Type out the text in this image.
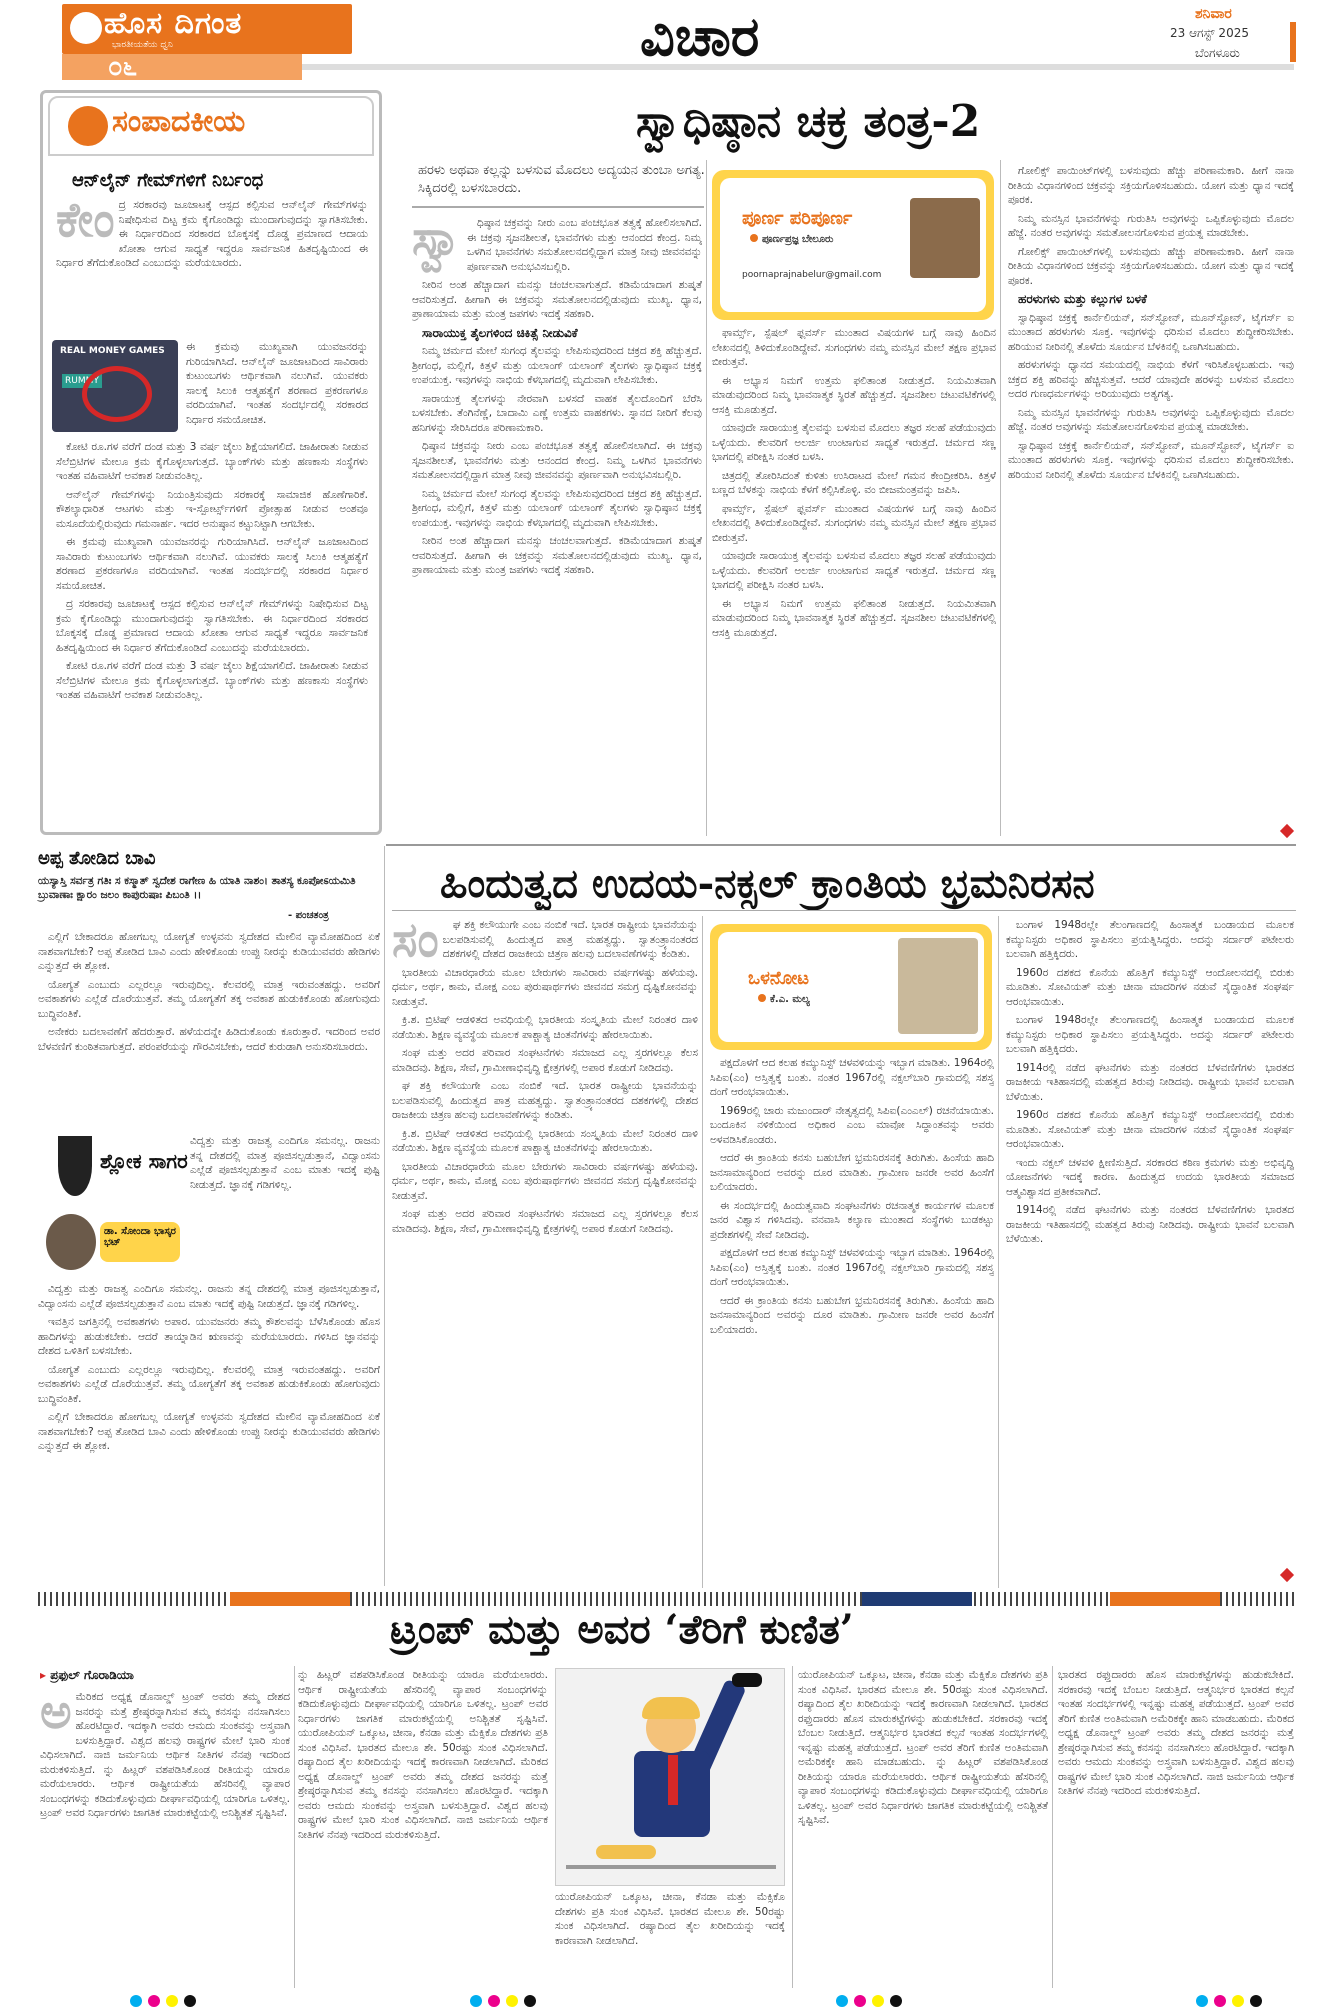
ಹೊಸ ದಿಗಂತ
ಭಾರತೀಯತೆಯ ಧ್ವನಿ
೦೬	ವಿಚಾರ	ಶನಿವಾರ
23 ಆಗಸ್ಟ್ 2025
ಬೆಂಗಳೂರು
ಸಂಪಾದಕೀಯ
ಆನ್‌ಲೈನ್ ಗೇಮ್‌ಗಳಿಗೆ ನಿರ್ಬಂಧ
ಕೇಂ ದ್ರ ಸರಕಾರವು ಜೂಜಾಟಕ್ಕೆ ಆಸ್ಪದ ಕಲ್ಪಿಸುವ ಆನ್‌ಲೈನ್ ಗೇಮ್‌ಗಳನ್ನು ನಿಷೇಧಿಸುವ ದಿಟ್ಟ ಕ್ರಮ ಕೈಗೊಂಡಿದ್ದು ಮುಂದಾಗುವುದನ್ನು ಸ್ವಾಗತಿಸಬೇಕು. ಈ ನಿರ್ಧಾರದಿಂದ ಸರಕಾರದ ಬೊಕ್ಕಸಕ್ಕೆ ದೊಡ್ಡ ಪ್ರಮಾಣದ ಆದಾಯ ಖೋತಾ ಆಗುವ ಸಾಧ್ಯತೆ ಇದ್ದರೂ ಸಾರ್ವಜನಿಕ ಹಿತದೃಷ್ಟಿಯಿಂದ ಈ ನಿರ್ಧಾರ ತೆಗೆದುಕೊಂಡಿದೆ ಎಂಬುದನ್ನು ಮರೆಯಬಾರದು.
REAL MONEY GAMES
RUMMY
ಈ ಕ್ರಮವು ಮುಖ್ಯವಾಗಿ ಯುವಜನರನ್ನು ಗುರಿಯಾಗಿಸಿದೆ. ಆನ್‌ಲೈನ್ ಜೂಜಾಟದಿಂದ ಸಾವಿರಾರು ಕುಟುಂಬಗಳು ಆರ್ಥಿಕವಾಗಿ ನಲುಗಿವೆ. ಯುವಕರು ಸಾಲಕ್ಕೆ ಸಿಲುಕಿ ಆತ್ಮಹತ್ಯೆಗೆ ಶರಣಾದ ಪ್ರಕರಣಗಳೂ ವರದಿಯಾಗಿವೆ. ಇಂತಹ ಸಂದರ್ಭದಲ್ಲಿ ಸರಕಾರದ ನಿರ್ಧಾರ ಸಮಯೋಚಿತ.

ಕೋಟಿ ರೂ.ಗಳ ವರೆಗೆ ದಂಡ ಮತ್ತು 3 ವರ್ಷ ಜೈಲು ಶಿಕ್ಷೆಯಾಗಲಿದೆ. ಜಾಹೀರಾತು ನೀಡುವ ಸೆಲೆಬ್ರಿಟಿಗಳ ಮೇಲೂ ಕ್ರಮ ಕೈಗೊಳ್ಳಲಾಗುತ್ತದೆ. ಬ್ಯಾಂಕ್‌ಗಳು ಮತ್ತು ಹಣಕಾಸು ಸಂಸ್ಥೆಗಳು ಇಂತಹ ವಹಿವಾಟಿಗೆ ಅವಕಾಶ ನೀಡುವಂತಿಲ್ಲ.

ಆನ್‌ಲೈನ್ ಗೇಮ್‌ಗಳನ್ನು ನಿಯಂತ್ರಿಸುವುದು ಸರಕಾರಕ್ಕೆ ಸಾಮಾಜಿಕ ಹೊಣೆಗಾರಿಕೆ. ಕೌಶಲ್ಯಾಧಾರಿತ ಆಟಗಳು ಮತ್ತು ಇ-ಸ್ಪೋರ್ಟ್ಸ್‌ಗಳಿಗೆ ಪ್ರೋತ್ಸಾಹ ನೀಡುವ ಅಂಶವೂ ಮಸೂದೆಯಲ್ಲಿರುವುದು ಗಮನಾರ್ಹ. ಇದರ ಅನುಷ್ಠಾನ ಕಟ್ಟುನಿಟ್ಟಾಗಿ ಆಗಬೇಕು.

ಈ ಕ್ರಮವು ಮುಖ್ಯವಾಗಿ ಯುವಜನರನ್ನು ಗುರಿಯಾಗಿಸಿದೆ. ಆನ್‌ಲೈನ್ ಜೂಜಾಟದಿಂದ ಸಾವಿರಾರು ಕುಟುಂಬಗಳು ಆರ್ಥಿಕವಾಗಿ ನಲುಗಿವೆ. ಯುವಕರು ಸಾಲಕ್ಕೆ ಸಿಲುಕಿ ಆತ್ಮಹತ್ಯೆಗೆ ಶರಣಾದ ಪ್ರಕರಣಗಳೂ ವರದಿಯಾಗಿವೆ. ಇಂತಹ ಸಂದರ್ಭದಲ್ಲಿ ಸರಕಾರದ ನಿರ್ಧಾರ ಸಮಯೋಚಿತ.

ದ್ರ ಸರಕಾರವು ಜೂಜಾಟಕ್ಕೆ ಆಸ್ಪದ ಕಲ್ಪಿಸುವ ಆನ್‌ಲೈನ್ ಗೇಮ್‌ಗಳನ್ನು ನಿಷೇಧಿಸುವ ದಿಟ್ಟ ಕ್ರಮ ಕೈಗೊಂಡಿದ್ದು ಮುಂದಾಗುವುದನ್ನು ಸ್ವಾಗತಿಸಬೇಕು. ಈ ನಿರ್ಧಾರದಿಂದ ಸರಕಾರದ ಬೊಕ್ಕಸಕ್ಕೆ ದೊಡ್ಡ ಪ್ರಮಾಣದ ಆದಾಯ ಖೋತಾ ಆಗುವ ಸಾಧ್ಯತೆ ಇದ್ದರೂ ಸಾರ್ವಜನಿಕ ಹಿತದೃಷ್ಟಿಯಿಂದ ಈ ನಿರ್ಧಾರ ತೆಗೆದುಕೊಂಡಿದೆ ಎಂಬುದನ್ನು ಮರೆಯಬಾರದು.

ಕೋಟಿ ರೂ.ಗಳ ವರೆಗೆ ದಂಡ ಮತ್ತು 3 ವರ್ಷ ಜೈಲು ಶಿಕ್ಷೆಯಾಗಲಿದೆ. ಜಾಹೀರಾತು ನೀಡುವ ಸೆಲೆಬ್ರಿಟಿಗಳ ಮೇಲೂ ಕ್ರಮ ಕೈಗೊಳ್ಳಲಾಗುತ್ತದೆ. ಬ್ಯಾಂಕ್‌ಗಳು ಮತ್ತು ಹಣಕಾಸು ಸಂಸ್ಥೆಗಳು ಇಂತಹ ವಹಿವಾಟಿಗೆ ಅವಕಾಶ ನೀಡುವಂತಿಲ್ಲ.

ಸ್ವಾಧಿಷ್ಠಾನ ಚಕ್ರ ತಂತ್ರ-2
ಹರಳು ಅಥವಾ ಕಲ್ಲನ್ನು ಬಳಸುವ ಮೊದಲು ಅದ್ಯಯನ ತುಂಬಾ ಅಗತ್ಯ. ಸಿಕ್ಕಿದರಲ್ಲಿ ಬಳಸಬಾರದು.
ಸ್ವಾ	ಧಿಷ್ಠಾನ ಚಕ್ರವನ್ನು ನೀರು ಎಂಬ ಪಂಚಭೂತ ತತ್ವಕ್ಕೆ ಹೋಲಿಸಲಾಗಿದೆ. ಈ ಚಕ್ರವು ಸೃಜನಶೀಲತೆ, ಭಾವನೆಗಳು ಮತ್ತು ಆನಂದದ ಕೇಂದ್ರ. ನಿಮ್ಮ ಒಳಗಿನ ಭಾವನೆಗಳು ಸಮತೋಲನದಲ್ಲಿದ್ದಾಗ ಮಾತ್ರ ನೀವು ಜೀವನವನ್ನು ಪೂರ್ಣವಾಗಿ ಅನುಭವಿಸಬಲ್ಲಿರಿ.

ನೀರಿನ ಅಂಶ ಹೆಚ್ಚಾದಾಗ ಮನಸ್ಸು ಚಂಚಲವಾಗುತ್ತದೆ. ಕಡಿಮೆಯಾದಾಗ ಶುಷ್ಕತೆ ಆವರಿಸುತ್ತದೆ. ಹೀಗಾಗಿ ಈ ಚಕ್ರವನ್ನು ಸಮತೋಲನದಲ್ಲಿಡುವುದು ಮುಖ್ಯ. ಧ್ಯಾನ, ಪ್ರಾಣಾಯಾಮ ಮತ್ತು ಮಂತ್ರ ಜಪಗಳು ಇದಕ್ಕೆ ಸಹಕಾರಿ.

ಸಾರಾಯುಕ್ತ ತೈಲಗಳಿಂದ ಚಿಕಿತ್ಸೆ ನೀಡುವಿಕೆ

ನಿಮ್ಮ ಚರ್ಮದ ಮೇಲೆ ಸುಗಂಧ ತೈಲವನ್ನು ಲೇಪಿಸುವುದರಿಂದ ಚಕ್ರದ ಶಕ್ತಿ ಹೆಚ್ಚುತ್ತದೆ. ಶ್ರೀಗಂಧ, ಮಲ್ಲಿಗೆ, ಕಿತ್ತಳೆ ಮತ್ತು ಯಲಾಂಗ್ ಯಲಾಂಗ್ ತೈಲಗಳು ಸ್ವಾಧಿಷ್ಠಾನ ಚಕ್ರಕ್ಕೆ ಉಪಯುಕ್ತ. ಇವುಗಳನ್ನು ನಾಭಿಯ ಕೆಳಭಾಗದಲ್ಲಿ ಮೃದುವಾಗಿ ಲೇಪಿಸಬೇಕು.

ಸಾರಾಯುಕ್ತ ತೈಲಗಳನ್ನು ನೇರವಾಗಿ ಬಳಸದೆ ವಾಹಕ ತೈಲದೊಂದಿಗೆ ಬೆರೆಸಿ ಬಳಸಬೇಕು. ತೆಂಗಿನೆಣ್ಣೆ, ಬಾದಾಮಿ ಎಣ್ಣೆ ಉತ್ತಮ ವಾಹಕಗಳು. ಸ್ನಾನದ ನೀರಿಗೆ ಕೆಲವು ಹನಿಗಳನ್ನು ಸೇರಿಸಿದರೂ ಪರಿಣಾಮಕಾರಿ.

ಧಿಷ್ಠಾನ ಚಕ್ರವನ್ನು ನೀರು ಎಂಬ ಪಂಚಭೂತ ತತ್ವಕ್ಕೆ ಹೋಲಿಸಲಾಗಿದೆ. ಈ ಚಕ್ರವು ಸೃಜನಶೀಲತೆ, ಭಾವನೆಗಳು ಮತ್ತು ಆನಂದದ ಕೇಂದ್ರ. ನಿಮ್ಮ ಒಳಗಿನ ಭಾವನೆಗಳು ಸಮತೋಲನದಲ್ಲಿದ್ದಾಗ ಮಾತ್ರ ನೀವು ಜೀವನವನ್ನು ಪೂರ್ಣವಾಗಿ ಅನುಭವಿಸಬಲ್ಲಿರಿ.

ನಿಮ್ಮ ಚರ್ಮದ ಮೇಲೆ ಸುಗಂಧ ತೈಲವನ್ನು ಲೇಪಿಸುವುದರಿಂದ ಚಕ್ರದ ಶಕ್ತಿ ಹೆಚ್ಚುತ್ತದೆ. ಶ್ರೀಗಂಧ, ಮಲ್ಲಿಗೆ, ಕಿತ್ತಳೆ ಮತ್ತು ಯಲಾಂಗ್ ಯಲಾಂಗ್ ತೈಲಗಳು ಸ್ವಾಧಿಷ್ಠಾನ ಚಕ್ರಕ್ಕೆ ಉಪಯುಕ್ತ. ಇವುಗಳನ್ನು ನಾಭಿಯ ಕೆಳಭಾಗದಲ್ಲಿ ಮೃದುವಾಗಿ ಲೇಪಿಸಬೇಕು.

ನೀರಿನ ಅಂಶ ಹೆಚ್ಚಾದಾಗ ಮನಸ್ಸು ಚಂಚಲವಾಗುತ್ತದೆ. ಕಡಿಮೆಯಾದಾಗ ಶುಷ್ಕತೆ ಆವರಿಸುತ್ತದೆ. ಹೀಗಾಗಿ ಈ ಚಕ್ರವನ್ನು ಸಮತೋಲನದಲ್ಲಿಡುವುದು ಮುಖ್ಯ. ಧ್ಯಾನ, ಪ್ರಾಣಾಯಾಮ ಮತ್ತು ಮಂತ್ರ ಜಪಗಳು ಇದಕ್ಕೆ ಸಹಕಾರಿ.

ಪೂರ್ಣ ಪರಿಪೂರ್ಣ
ಪೂರ್ಣಪ್ರಜ್ಞ ಬೇಲೂರು
poornaprajnabelur@gmail.com

ಫಾರ್ಮ್ಸ್, ಸ್ಪೆಷಲ್ ಫ್ಲವರ್ಸ್ ಮುಂತಾದ ವಿಷಯಗಳ ಬಗ್ಗೆ ನಾವು ಹಿಂದಿನ ಲೇಖನದಲ್ಲಿ ತಿಳಿದುಕೊಂಡಿದ್ದೇವೆ. ಸುಗಂಧಗಳು ನಮ್ಮ ಮನಸ್ಸಿನ ಮೇಲೆ ತಕ್ಷಣ ಪ್ರಭಾವ ಬೀರುತ್ತವೆ.

ಈ ಅಭ್ಯಾಸ ನಿಮಗೆ ಉತ್ತಮ ಫಲಿತಾಂಶ ನೀಡುತ್ತದೆ. ನಿಯಮಿತವಾಗಿ ಮಾಡುವುದರಿಂದ ನಿಮ್ಮ ಭಾವನಾತ್ಮಕ ಸ್ಥಿರತೆ ಹೆಚ್ಚುತ್ತದೆ. ಸೃಜನಶೀಲ ಚಟುವಟಿಕೆಗಳಲ್ಲಿ ಆಸಕ್ತಿ ಮೂಡುತ್ತದೆ.

ಯಾವುದೇ ಸಾರಾಯುಕ್ತ ತೈಲವನ್ನು ಬಳಸುವ ಮೊದಲು ತಜ್ಞರ ಸಲಹೆ ಪಡೆಯುವುದು ಒಳ್ಳೆಯದು. ಕೆಲವರಿಗೆ ಅಲರ್ಜಿ ಉಂಟಾಗುವ ಸಾಧ್ಯತೆ ಇರುತ್ತದೆ. ಚರ್ಮದ ಸಣ್ಣ ಭಾಗದಲ್ಲಿ ಪರೀಕ್ಷಿಸಿ ನಂತರ ಬಳಸಿ.

ಚಿತ್ರದಲ್ಲಿ ತೋರಿಸಿದಂತೆ ಕುಳಿತು ಉಸಿರಾಟದ ಮೇಲೆ ಗಮನ ಕೇಂದ್ರೀಕರಿಸಿ. ಕಿತ್ತಳೆ ಬಣ್ಣದ ಬೆಳಕನ್ನು ನಾಭಿಯ ಕೆಳಗೆ ಕಲ್ಪಿಸಿಕೊಳ್ಳಿ. ವಂ ಬೀಜಮಂತ್ರವನ್ನು ಜಪಿಸಿ.

ಫಾರ್ಮ್ಸ್, ಸ್ಪೆಷಲ್ ಫ್ಲವರ್ಸ್ ಮುಂತಾದ ವಿಷಯಗಳ ಬಗ್ಗೆ ನಾವು ಹಿಂದಿನ ಲೇಖನದಲ್ಲಿ ತಿಳಿದುಕೊಂಡಿದ್ದೇವೆ. ಸುಗಂಧಗಳು ನಮ್ಮ ಮನಸ್ಸಿನ ಮೇಲೆ ತಕ್ಷಣ ಪ್ರಭಾವ ಬೀರುತ್ತವೆ.

ಯಾವುದೇ ಸಾರಾಯುಕ್ತ ತೈಲವನ್ನು ಬಳಸುವ ಮೊದಲು ತಜ್ಞರ ಸಲಹೆ ಪಡೆಯುವುದು ಒಳ್ಳೆಯದು. ಕೆಲವರಿಗೆ ಅಲರ್ಜಿ ಉಂಟಾಗುವ ಸಾಧ್ಯತೆ ಇರುತ್ತದೆ. ಚರ್ಮದ ಸಣ್ಣ ಭಾಗದಲ್ಲಿ ಪರೀಕ್ಷಿಸಿ ನಂತರ ಬಳಸಿ.

ಈ ಅಭ್ಯಾಸ ನಿಮಗೆ ಉತ್ತಮ ಫಲಿತಾಂಶ ನೀಡುತ್ತದೆ. ನಿಯಮಿತವಾಗಿ ಮಾಡುವುದರಿಂದ ನಿಮ್ಮ ಭಾವನಾತ್ಮಕ ಸ್ಥಿರತೆ ಹೆಚ್ಚುತ್ತದೆ. ಸೃಜನಶೀಲ ಚಟುವಟಿಕೆಗಳಲ್ಲಿ ಆಸಕ್ತಿ ಮೂಡುತ್ತದೆ.

ಗೋಲಿಕ್ಸ್ ಪಾಯಿಂಟ್‌ಗಳಲ್ಲಿ ಬಳಸುವುದು ಹೆಚ್ಚು ಪರಿಣಾಮಕಾರಿ. ಹೀಗೆ ನಾನಾ ರೀತಿಯ ವಿಧಾನಗಳಿಂದ ಚಕ್ರವನ್ನು ಸಕ್ರಿಯಗೊಳಿಸಬಹುದು. ಯೋಗ ಮತ್ತು ಧ್ಯಾನ ಇದಕ್ಕೆ ಪೂರಕ.

ನಿಮ್ಮ ಮನಸ್ಸಿನ ಭಾವನೆಗಳನ್ನು ಗುರುತಿಸಿ ಅವುಗಳನ್ನು ಒಪ್ಪಿಕೊಳ್ಳುವುದು ಮೊದಲ ಹೆಜ್ಜೆ. ನಂತರ ಅವುಗಳನ್ನು ಸಮತೋಲನಗೊಳಿಸುವ ಪ್ರಯತ್ನ ಮಾಡಬೇಕು.

ಗೋಲಿಕ್ಸ್ ಪಾಯಿಂಟ್‌ಗಳಲ್ಲಿ ಬಳಸುವುದು ಹೆಚ್ಚು ಪರಿಣಾಮಕಾರಿ. ಹೀಗೆ ನಾನಾ ರೀತಿಯ ವಿಧಾನಗಳಿಂದ ಚಕ್ರವನ್ನು ಸಕ್ರಿಯಗೊಳಿಸಬಹುದು. ಯೋಗ ಮತ್ತು ಧ್ಯಾನ ಇದಕ್ಕೆ ಪೂರಕ.

ಹರಳುಗಳು ಮತ್ತು ಕಲ್ಲುಗಳ ಬಳಕೆ

ಸ್ವಾಧಿಷ್ಠಾನ ಚಕ್ರಕ್ಕೆ ಕಾರ್ನೆಲಿಯನ್, ಸನ್‌ಸ್ಟೋನ್, ಮೂನ್‌ಸ್ಟೋನ್, ಟೈಗರ್ಸ್ ಐ ಮುಂತಾದ ಹರಳುಗಳು ಸೂಕ್ತ. ಇವುಗಳನ್ನು ಧರಿಸುವ ಮೊದಲು ಶುದ್ಧೀಕರಿಸಬೇಕು. ಹರಿಯುವ ನೀರಿನಲ್ಲಿ ತೊಳೆದು ಸೂರ್ಯನ ಬೆಳಕಿನಲ್ಲಿ ಒಣಗಿಸಬಹುದು.

ಹರಳುಗಳನ್ನು ಧ್ಯಾನದ ಸಮಯದಲ್ಲಿ ನಾಭಿಯ ಕೆಳಗೆ ಇರಿಸಿಕೊಳ್ಳಬಹುದು. ಇವು ಚಕ್ರದ ಶಕ್ತಿ ಹರಿವನ್ನು ಹೆಚ್ಚಿಸುತ್ತವೆ. ಆದರೆ ಯಾವುದೇ ಹರಳನ್ನು ಬಳಸುವ ಮೊದಲು ಅದರ ಗುಣಧರ್ಮಗಳನ್ನು ಅರಿಯುವುದು ಅತ್ಯಗತ್ಯ.

ನಿಮ್ಮ ಮನಸ್ಸಿನ ಭಾವನೆಗಳನ್ನು ಗುರುತಿಸಿ ಅವುಗಳನ್ನು ಒಪ್ಪಿಕೊಳ್ಳುವುದು ಮೊದಲ ಹೆಜ್ಜೆ. ನಂತರ ಅವುಗಳನ್ನು ಸಮತೋಲನಗೊಳಿಸುವ ಪ್ರಯತ್ನ ಮಾಡಬೇಕು.

ಸ್ವಾಧಿಷ್ಠಾನ ಚಕ್ರಕ್ಕೆ ಕಾರ್ನೆಲಿಯನ್, ಸನ್‌ಸ್ಟೋನ್, ಮೂನ್‌ಸ್ಟೋನ್, ಟೈಗರ್ಸ್ ಐ ಮುಂತಾದ ಹರಳುಗಳು ಸೂಕ್ತ. ಇವುಗಳನ್ನು ಧರಿಸುವ ಮೊದಲು ಶುದ್ಧೀಕರಿಸಬೇಕು. ಹರಿಯುವ ನೀರಿನಲ್ಲಿ ತೊಳೆದು ಸೂರ್ಯನ ಬೆಳಕಿನಲ್ಲಿ ಒಣಗಿಸಬಹುದು.

ಅಪ್ಪ ತೋಡಿದ ಬಾವಿ
ಯಸ್ಯಾಸ್ತಿ ಸರ್ವತ್ರ ಗತಿಃ ಸ ಕಸ್ಮಾತ್ ಸ್ವದೇಶ ರಾಗೇಣ ಹಿ ಯಾತಿ ನಾಶಂ। ತಾತಸ್ಯ ಕೂಪೋಽಯಮಿತಿ ಬ್ರುವಾಣಾಃ ಕ್ಷಾರಂ ಜಲಂ ಕಾಪುರುಷಾಃ ಪಿಬಂತಿ ।।
- ಪಂಚತಂತ್ರ

ಎಲ್ಲಿಗೆ ಬೇಕಾದರೂ ಹೋಗಬಲ್ಲ ಯೋಗ್ಯತೆ ಉಳ್ಳವನು ಸ್ವದೇಶದ ಮೇಲಿನ ವ್ಯಾಮೋಹದಿಂದ ಏಕೆ ನಾಶವಾಗಬೇಕು? ಅಪ್ಪ ತೋಡಿದ ಬಾವಿ ಎಂದು ಹೇಳಿಕೊಂಡು ಉಪ್ಪು ನೀರನ್ನು ಕುಡಿಯುವವರು ಹೇಡಿಗಳು ಎನ್ನುತ್ತದೆ ಈ ಶ್ಲೋಕ.

ಯೋಗ್ಯತೆ ಎಂಬುದು ಎಲ್ಲರಲ್ಲೂ ಇರುವುದಿಲ್ಲ. ಕೆಲವರಲ್ಲಿ ಮಾತ್ರ ಇರುವಂತಹದ್ದು. ಅವರಿಗೆ ಅವಕಾಶಗಳು ಎಲ್ಲೆಡೆ ದೊರೆಯುತ್ತವೆ. ತಮ್ಮ ಯೋಗ್ಯತೆಗೆ ತಕ್ಕ ಅವಕಾಶ ಹುಡುಕಿಕೊಂಡು ಹೋಗುವುದು ಬುದ್ಧಿವಂತಿಕೆ.

ಅನೇಕರು ಬದಲಾವಣೆಗೆ ಹೆದರುತ್ತಾರೆ. ಹಳೆಯದನ್ನೇ ಹಿಡಿದುಕೊಂಡು ಕೂರುತ್ತಾರೆ. ಇದರಿಂದ ಅವರ ಬೆಳವಣಿಗೆ ಕುಂಠಿತವಾಗುತ್ತದೆ. ಪರಂಪರೆಯನ್ನು ಗೌರವಿಸಬೇಕು, ಆದರೆ ಕುರುಡಾಗಿ ಅನುಸರಿಸಬಾರದು.

ಶ್ಲೋಕ ಸಾಗರ
ಡಾ. ಸೋಂದಾ ಭಾಸ್ಕರ ಭಟ್
ವಿದ್ವತ್ತು ಮತ್ತು ರಾಜತ್ವ ಎಂದಿಗೂ ಸಮನಲ್ಲ. ರಾಜನು ತನ್ನ ದೇಶದಲ್ಲಿ ಮಾತ್ರ ಪೂಜಿಸಲ್ಪಡುತ್ತಾನೆ, ವಿದ್ವಾಂಸನು ಎಲ್ಲೆಡೆ ಪೂಜಿಸಲ್ಪಡುತ್ತಾನೆ ಎಂಬ ಮಾತು ಇದಕ್ಕೆ ಪುಷ್ಟಿ ನೀಡುತ್ತದೆ. ಜ್ಞಾನಕ್ಕೆ ಗಡಿಗಳಿಲ್ಲ.

ವಿದ್ವತ್ತು ಮತ್ತು ರಾಜತ್ವ ಎಂದಿಗೂ ಸಮನಲ್ಲ. ರಾಜನು ತನ್ನ ದೇಶದಲ್ಲಿ ಮಾತ್ರ ಪೂಜಿಸಲ್ಪಡುತ್ತಾನೆ, ವಿದ್ವಾಂಸನು ಎಲ್ಲೆಡೆ ಪೂಜಿಸಲ್ಪಡುತ್ತಾನೆ ಎಂಬ ಮಾತು ಇದಕ್ಕೆ ಪುಷ್ಟಿ ನೀಡುತ್ತದೆ. ಜ್ಞಾನಕ್ಕೆ ಗಡಿಗಳಿಲ್ಲ.

ಇವತ್ತಿನ ಜಗತ್ತಿನಲ್ಲಿ ಅವಕಾಶಗಳು ಅಪಾರ. ಯುವಜನರು ತಮ್ಮ ಕೌಶಲವನ್ನು ಬೆಳೆಸಿಕೊಂಡು ಹೊಸ ಹಾದಿಗಳನ್ನು ಹುಡುಕಬೇಕು. ಆದರೆ ತಾಯ್ನಾಡಿನ ಋಣವನ್ನು ಮರೆಯಬಾರದು. ಗಳಿಸಿದ ಜ್ಞಾನವನ್ನು ದೇಶದ ಒಳಿತಿಗೆ ಬಳಸಬೇಕು.

ಯೋಗ್ಯತೆ ಎಂಬುದು ಎಲ್ಲರಲ್ಲೂ ಇರುವುದಿಲ್ಲ. ಕೆಲವರಲ್ಲಿ ಮಾತ್ರ ಇರುವಂತಹದ್ದು. ಅವರಿಗೆ ಅವಕಾಶಗಳು ಎಲ್ಲೆಡೆ ದೊರೆಯುತ್ತವೆ. ತಮ್ಮ ಯೋಗ್ಯತೆಗೆ ತಕ್ಕ ಅವಕಾಶ ಹುಡುಕಿಕೊಂಡು ಹೋಗುವುದು ಬುದ್ಧಿವಂತಿಕೆ.

ಎಲ್ಲಿಗೆ ಬೇಕಾದರೂ ಹೋಗಬಲ್ಲ ಯೋಗ್ಯತೆ ಉಳ್ಳವನು ಸ್ವದೇಶದ ಮೇಲಿನ ವ್ಯಾಮೋಹದಿಂದ ಏಕೆ ನಾಶವಾಗಬೇಕು? ಅಪ್ಪ ತೋಡಿದ ಬಾವಿ ಎಂದು ಹೇಳಿಕೊಂಡು ಉಪ್ಪು ನೀರನ್ನು ಕುಡಿಯುವವರು ಹೇಡಿಗಳು ಎನ್ನುತ್ತದೆ ಈ ಶ್ಲೋಕ.

ಹಿಂದುತ್ವದ ಉದಯ-ನಕ್ಸಲ್ ಕ್ರಾಂತಿಯ ಭ್ರಮನಿರಸನ
ಸಂ	ಘ ಶಕ್ತಿ ಕಲೌಯುಗೇ ಎಂಬ ನಂಬಿಕೆ ಇದೆ. ಭಾರತ ರಾಷ್ಟ್ರೀಯ ಭಾವನೆಯನ್ನು ಬಲಪಡಿಸುವಲ್ಲಿ ಹಿಂದುತ್ವದ ಪಾತ್ರ ಮಹತ್ವದ್ದು. ಸ್ವಾತಂತ್ರ್ಯಾನಂತರದ ದಶಕಗಳಲ್ಲಿ ದೇಶದ ರಾಜಕೀಯ ಚಿತ್ರಣ ಹಲವು ಬದಲಾವಣೆಗಳನ್ನು ಕಂಡಿತು.

ಭಾರತೀಯ ವಿಚಾರಧಾರೆಯ ಮೂಲ ಬೇರುಗಳು ಸಾವಿರಾರು ವರ್ಷಗಳಷ್ಟು ಹಳೆಯವು. ಧರ್ಮ, ಅರ್ಥ, ಕಾಮ, ಮೋಕ್ಷ ಎಂಬ ಪುರುಷಾರ್ಥಗಳು ಜೀವನದ ಸಮಗ್ರ ದೃಷ್ಟಿಕೋನವನ್ನು ನೀಡುತ್ತವೆ.

ಕ್ರಿ.ಶ. ಬ್ರಿಟಿಷ್ ಆಡಳಿತದ ಅವಧಿಯಲ್ಲಿ ಭಾರತೀಯ ಸಂಸ್ಕೃತಿಯ ಮೇಲೆ ನಿರಂತರ ದಾಳಿ ನಡೆಯಿತು. ಶಿಕ್ಷಣ ವ್ಯವಸ್ಥೆಯ ಮೂಲಕ ಪಾಶ್ಚಾತ್ಯ ಚಿಂತನೆಗಳನ್ನು ಹೇರಲಾಯಿತು.

ಸಂಘ ಮತ್ತು ಅದರ ಪರಿವಾರ ಸಂಘಟನೆಗಳು ಸಮಾಜದ ಎಲ್ಲ ಸ್ತರಗಳಲ್ಲೂ ಕೆಲಸ ಮಾಡಿದವು. ಶಿಕ್ಷಣ, ಸೇವೆ, ಗ್ರಾಮೀಣಾಭಿವೃದ್ಧಿ ಕ್ಷೇತ್ರಗಳಲ್ಲಿ ಅಪಾರ ಕೊಡುಗೆ ನೀಡಿದವು.

ಘ ಶಕ್ತಿ ಕಲೌಯುಗೇ ಎಂಬ ನಂಬಿಕೆ ಇದೆ. ಭಾರತ ರಾಷ್ಟ್ರೀಯ ಭಾವನೆಯನ್ನು ಬಲಪಡಿಸುವಲ್ಲಿ ಹಿಂದುತ್ವದ ಪಾತ್ರ ಮಹತ್ವದ್ದು. ಸ್ವಾತಂತ್ರ್ಯಾನಂತರದ ದಶಕಗಳಲ್ಲಿ ದೇಶದ ರಾಜಕೀಯ ಚಿತ್ರಣ ಹಲವು ಬದಲಾವಣೆಗಳನ್ನು ಕಂಡಿತು.

ಕ್ರಿ.ಶ. ಬ್ರಿಟಿಷ್ ಆಡಳಿತದ ಅವಧಿಯಲ್ಲಿ ಭಾರತೀಯ ಸಂಸ್ಕೃತಿಯ ಮೇಲೆ ನಿರಂತರ ದಾಳಿ ನಡೆಯಿತು. ಶಿಕ್ಷಣ ವ್ಯವಸ್ಥೆಯ ಮೂಲಕ ಪಾಶ್ಚಾತ್ಯ ಚಿಂತನೆಗಳನ್ನು ಹೇರಲಾಯಿತು.

ಭಾರತೀಯ ವಿಚಾರಧಾರೆಯ ಮೂಲ ಬೇರುಗಳು ಸಾವಿರಾರು ವರ್ಷಗಳಷ್ಟು ಹಳೆಯವು. ಧರ್ಮ, ಅರ್ಥ, ಕಾಮ, ಮೋಕ್ಷ ಎಂಬ ಪುರುಷಾರ್ಥಗಳು ಜೀವನದ ಸಮಗ್ರ ದೃಷ್ಟಿಕೋನವನ್ನು ನೀಡುತ್ತವೆ.

ಸಂಘ ಮತ್ತು ಅದರ ಪರಿವಾರ ಸಂಘಟನೆಗಳು ಸಮಾಜದ ಎಲ್ಲ ಸ್ತರಗಳಲ್ಲೂ ಕೆಲಸ ಮಾಡಿದವು. ಶಿಕ್ಷಣ, ಸೇವೆ, ಗ್ರಾಮೀಣಾಭಿವೃದ್ಧಿ ಕ್ಷೇತ್ರಗಳಲ್ಲಿ ಅಪಾರ ಕೊಡುಗೆ ನೀಡಿದವು.

ಒಳನೋಟ
ಕೆ.ಎ. ಮಲ್ಯ

ಪಕ್ಷದೊಳಗೆ ಆದ ಕಲಹ ಕಮ್ಯುನಿಸ್ಟ್ ಚಳವಳಿಯನ್ನು ಇಬ್ಭಾಗ ಮಾಡಿತು. 1964ರಲ್ಲಿ ಸಿಪಿಐ(ಎಂ) ಅಸ್ತಿತ್ವಕ್ಕೆ ಬಂತು. ನಂತರ 1967ರಲ್ಲಿ ನಕ್ಸಲ್‌ಬಾರಿ ಗ್ರಾಮದಲ್ಲಿ ಸಶಸ್ತ್ರ ದಂಗೆ ಆರಂಭವಾಯಿತು.

1969ರಲ್ಲಿ ಚಾರು ಮಜುಂದಾರ್ ನೇತೃತ್ವದಲ್ಲಿ ಸಿಪಿಐ(ಎಂಎಲ್) ರಚನೆಯಾಯಿತು. ಬಂದೂಕಿನ ನಳಿಕೆಯಿಂದ ಅಧಿಕಾರ ಎಂಬ ಮಾವೋ ಸಿದ್ಧಾಂತವನ್ನು ಅವರು ಅಳವಡಿಸಿಕೊಂಡರು.

ಆದರೆ ಈ ಕ್ರಾಂತಿಯ ಕನಸು ಬಹುಬೇಗ ಭ್ರಮನಿರಸನಕ್ಕೆ ತಿರುಗಿತು. ಹಿಂಸೆಯ ಹಾದಿ ಜನಸಾಮಾನ್ಯರಿಂದ ಅವರನ್ನು ದೂರ ಮಾಡಿತು. ಗ್ರಾಮೀಣ ಜನರೇ ಅವರ ಹಿಂಸೆಗೆ ಬಲಿಯಾದರು.

ಈ ಸಂದರ್ಭದಲ್ಲಿ ಹಿಂದುತ್ವವಾದಿ ಸಂಘಟನೆಗಳು ರಚನಾತ್ಮಕ ಕಾರ್ಯಗಳ ಮೂಲಕ ಜನರ ವಿಶ್ವಾಸ ಗಳಿಸಿದವು. ವನವಾಸಿ ಕಲ್ಯಾಣ ಮುಂತಾದ ಸಂಸ್ಥೆಗಳು ಬುಡಕಟ್ಟು ಪ್ರದೇಶಗಳಲ್ಲಿ ಸೇವೆ ನೀಡಿದವು.

ಪಕ್ಷದೊಳಗೆ ಆದ ಕಲಹ ಕಮ್ಯುನಿಸ್ಟ್ ಚಳವಳಿಯನ್ನು ಇಬ್ಭಾಗ ಮಾಡಿತು. 1964ರಲ್ಲಿ ಸಿಪಿಐ(ಎಂ) ಅಸ್ತಿತ್ವಕ್ಕೆ ಬಂತು. ನಂತರ 1967ರಲ್ಲಿ ನಕ್ಸಲ್‌ಬಾರಿ ಗ್ರಾಮದಲ್ಲಿ ಸಶಸ್ತ್ರ ದಂಗೆ ಆರಂಭವಾಯಿತು.

ಆದರೆ ಈ ಕ್ರಾಂತಿಯ ಕನಸು ಬಹುಬೇಗ ಭ್ರಮನಿರಸನಕ್ಕೆ ತಿರುಗಿತು. ಹಿಂಸೆಯ ಹಾದಿ ಜನಸಾಮಾನ್ಯರಿಂದ ಅವರನ್ನು ದೂರ ಮಾಡಿತು. ಗ್ರಾಮೀಣ ಜನರೇ ಅವರ ಹಿಂಸೆಗೆ ಬಲಿಯಾದರು.

ಬಂಗಾಳ 1948ರಲ್ಲೇ ತೆಲಂಗಾಣದಲ್ಲಿ ಹಿಂಸಾತ್ಮಕ ಬಂಡಾಯದ ಮೂಲಕ ಕಮ್ಯುನಿಸ್ಟರು ಅಧಿಕಾರ ಸ್ಥಾಪಿಸಲು ಪ್ರಯತ್ನಿಸಿದ್ದರು. ಅದನ್ನು ಸರ್ದಾರ್ ಪಟೇಲರು ಬಲವಾಗಿ ಹತ್ತಿಕ್ಕಿದರು.

1960ರ ದಶಕದ ಕೊನೆಯ ಹೊತ್ತಿಗೆ ಕಮ್ಯುನಿಸ್ಟ್ ಆಂದೋಲನದಲ್ಲಿ ಬಿರುಕು ಮೂಡಿತು. ಸೋವಿಯತ್ ಮತ್ತು ಚೀನಾ ಮಾದರಿಗಳ ನಡುವೆ ಸೈದ್ಧಾಂತಿಕ ಸಂಘರ್ಷ ಆರಂಭವಾಯಿತು.

ಬಂಗಾಳ 1948ರಲ್ಲೇ ತೆಲಂಗಾಣದಲ್ಲಿ ಹಿಂಸಾತ್ಮಕ ಬಂಡಾಯದ ಮೂಲಕ ಕಮ್ಯುನಿಸ್ಟರು ಅಧಿಕಾರ ಸ್ಥಾಪಿಸಲು ಪ್ರಯತ್ನಿಸಿದ್ದರು. ಅದನ್ನು ಸರ್ದಾರ್ ಪಟೇಲರು ಬಲವಾಗಿ ಹತ್ತಿಕ್ಕಿದರು.

1914ರಲ್ಲಿ ನಡೆದ ಘಟನೆಗಳು ಮತ್ತು ನಂತರದ ಬೆಳವಣಿಗೆಗಳು ಭಾರತದ ರಾಜಕೀಯ ಇತಿಹಾಸದಲ್ಲಿ ಮಹತ್ವದ ತಿರುವು ನೀಡಿದವು. ರಾಷ್ಟ್ರೀಯ ಭಾವನೆ ಬಲವಾಗಿ ಬೆಳೆಯಿತು.

1960ರ ದಶಕದ ಕೊನೆಯ ಹೊತ್ತಿಗೆ ಕಮ್ಯುನಿಸ್ಟ್ ಆಂದೋಲನದಲ್ಲಿ ಬಿರುಕು ಮೂಡಿತು. ಸೋವಿಯತ್ ಮತ್ತು ಚೀನಾ ಮಾದರಿಗಳ ನಡುವೆ ಸೈದ್ಧಾಂತಿಕ ಸಂಘರ್ಷ ಆರಂಭವಾಯಿತು.

ಇಂದು ನಕ್ಸಲ್ ಚಳವಳಿ ಕ್ಷೀಣಿಸುತ್ತಿದೆ. ಸರಕಾರದ ಕಠಿಣ ಕ್ರಮಗಳು ಮತ್ತು ಅಭಿವೃದ್ಧಿ ಯೋಜನೆಗಳು ಇದಕ್ಕೆ ಕಾರಣ. ಹಿಂದುತ್ವದ ಉದಯ ಭಾರತೀಯ ಸಮಾಜದ ಆತ್ಮವಿಶ್ವಾಸದ ಪ್ರತೀಕವಾಗಿದೆ.

1914ರಲ್ಲಿ ನಡೆದ ಘಟನೆಗಳು ಮತ್ತು ನಂತರದ ಬೆಳವಣಿಗೆಗಳು ಭಾರತದ ರಾಜಕೀಯ ಇತಿಹಾಸದಲ್ಲಿ ಮಹತ್ವದ ತಿರುವು ನೀಡಿದವು. ರಾಷ್ಟ್ರೀಯ ಭಾವನೆ ಬಲವಾಗಿ ಬೆಳೆಯಿತು.

ಟ್ರಂಪ್ ಮತ್ತು ಅವರ ‘ತೆರಿಗೆ ಕುಣಿತ’
▸ ಪ್ರಫುಲ್ ಗೊರಾಡಿಯಾ
ಅ ಮೆರಿಕದ ಅಧ್ಯಕ್ಷ ಡೊನಾಲ್ಡ್ ಟ್ರಂಪ್ ಅವರು ತಮ್ಮ ದೇಶದ ಜನರನ್ನು ಮತ್ತೆ ಶ್ರೇಷ್ಠರನ್ನಾಗಿಸುವ ತಮ್ಮ ಕನಸನ್ನು ನನಸಾಗಿಸಲು ಹೊರಟಿದ್ದಾರೆ. ಇದಕ್ಕಾಗಿ ಅವರು ಆಮದು ಸುಂಕವನ್ನು ಅಸ್ತ್ರವಾಗಿ ಬಳಸುತ್ತಿದ್ದಾರೆ. ವಿಶ್ವದ ಹಲವು ರಾಷ್ಟ್ರಗಳ ಮೇಲೆ ಭಾರಿ ಸುಂಕ ವಿಧಿಸಲಾಗಿದೆ. ನಾಜಿ ಜರ್ಮನಿಯ ಆರ್ಥಿಕ ನೀತಿಗಳ ನೆನಪು ಇದರಿಂದ ಮರುಕಳಿಸುತ್ತಿದೆ. ನ್ನು ಹಿಟ್ಲರ್ ವಶಪಡಿಸಿಕೊಂಡ ರೀತಿಯನ್ನು ಯಾರೂ ಮರೆಯಲಾರರು. ಆರ್ಥಿಕ ರಾಷ್ಟ್ರೀಯತೆಯ ಹೆಸರಿನಲ್ಲಿ ವ್ಯಾಪಾರ ಸಂಬಂಧಗಳನ್ನು ಕಡಿದುಕೊಳ್ಳುವುದು ದೀರ್ಘಾವಧಿಯಲ್ಲಿ ಯಾರಿಗೂ ಒಳಿತಲ್ಲ. ಟ್ರಂಪ್ ಅವರ ನಿರ್ಧಾರಗಳು ಜಾಗತಿಕ ಮಾರುಕಟ್ಟೆಯಲ್ಲಿ ಅನಿಶ್ಚಿತತೆ ಸೃಷ್ಟಿಸಿವೆ.
ನ್ನು ಹಿಟ್ಲರ್ ವಶಪಡಿಸಿಕೊಂಡ ರೀತಿಯನ್ನು ಯಾರೂ ಮರೆಯಲಾರರು. ಆರ್ಥಿಕ ರಾಷ್ಟ್ರೀಯತೆಯ ಹೆಸರಿನಲ್ಲಿ ವ್ಯಾಪಾರ ಸಂಬಂಧಗಳನ್ನು ಕಡಿದುಕೊಳ್ಳುವುದು ದೀರ್ಘಾವಧಿಯಲ್ಲಿ ಯಾರಿಗೂ ಒಳಿತಲ್ಲ. ಟ್ರಂಪ್ ಅವರ ನಿರ್ಧಾರಗಳು ಜಾಗತಿಕ ಮಾರುಕಟ್ಟೆಯಲ್ಲಿ ಅನಿಶ್ಚಿತತೆ ಸೃಷ್ಟಿಸಿವೆ. ಯುರೋಪಿಯನ್ ಒಕ್ಕೂಟ, ಚೀನಾ, ಕೆನಡಾ ಮತ್ತು ಮೆಕ್ಸಿಕೊ ದೇಶಗಳು ಪ್ರತಿ ಸುಂಕ ವಿಧಿಸಿವೆ. ಭಾರತದ ಮೇಲೂ ಶೇ. 50ರಷ್ಟು ಸುಂಕ ವಿಧಿಸಲಾಗಿದೆ. ರಷ್ಯಾದಿಂದ ತೈಲ ಖರೀದಿಯನ್ನು ಇದಕ್ಕೆ ಕಾರಣವಾಗಿ ನೀಡಲಾಗಿದೆ. ಮೆರಿಕದ ಅಧ್ಯಕ್ಷ ಡೊನಾಲ್ಡ್ ಟ್ರಂಪ್ ಅವರು ತಮ್ಮ ದೇಶದ ಜನರನ್ನು ಮತ್ತೆ ಶ್ರೇಷ್ಠರನ್ನಾಗಿಸುವ ತಮ್ಮ ಕನಸನ್ನು ನನಸಾಗಿಸಲು ಹೊರಟಿದ್ದಾರೆ. ಇದಕ್ಕಾಗಿ ಅವರು ಆಮದು ಸುಂಕವನ್ನು ಅಸ್ತ್ರವಾಗಿ ಬಳಸುತ್ತಿದ್ದಾರೆ. ವಿಶ್ವದ ಹಲವು ರಾಷ್ಟ್ರಗಳ ಮೇಲೆ ಭಾರಿ ಸುಂಕ ವಿಧಿಸಲಾಗಿದೆ. ನಾಜಿ ಜರ್ಮನಿಯ ಆರ್ಥಿಕ ನೀತಿಗಳ ನೆನಪು ಇದರಿಂದ ಮರುಕಳಿಸುತ್ತಿದೆ.
ಯುರೋಪಿಯನ್ ಒಕ್ಕೂಟ, ಚೀನಾ, ಕೆನಡಾ ಮತ್ತು ಮೆಕ್ಸಿಕೊ ದೇಶಗಳು ಪ್ರತಿ ಸುಂಕ ವಿಧಿಸಿವೆ. ಭಾರತದ ಮೇಲೂ ಶೇ. 50ರಷ್ಟು ಸುಂಕ ವಿಧಿಸಲಾಗಿದೆ. ರಷ್ಯಾದಿಂದ ತೈಲ ಖರೀದಿಯನ್ನು ಇದಕ್ಕೆ ಕಾರಣವಾಗಿ ನೀಡಲಾಗಿದೆ.
ಯುರೋಪಿಯನ್ ಒಕ್ಕೂಟ, ಚೀನಾ, ಕೆನಡಾ ಮತ್ತು ಮೆಕ್ಸಿಕೊ ದೇಶಗಳು ಪ್ರತಿ ಸುಂಕ ವಿಧಿಸಿವೆ. ಭಾರತದ ಮೇಲೂ ಶೇ. 50ರಷ್ಟು ಸುಂಕ ವಿಧಿಸಲಾಗಿದೆ. ರಷ್ಯಾದಿಂದ ತೈಲ ಖರೀದಿಯನ್ನು ಇದಕ್ಕೆ ಕಾರಣವಾಗಿ ನೀಡಲಾಗಿದೆ. ಭಾರತದ ರಫ್ತುದಾರರು ಹೊಸ ಮಾರುಕಟ್ಟೆಗಳನ್ನು ಹುಡುಕಬೇಕಿದೆ. ಸರಕಾರವು ಇದಕ್ಕೆ ಬೆಂಬಲ ನೀಡುತ್ತಿದೆ. ಆತ್ಮನಿರ್ಭರ ಭಾರತದ ಕಲ್ಪನೆ ಇಂತಹ ಸಂದರ್ಭಗಳಲ್ಲಿ ಇನ್ನಷ್ಟು ಮಹತ್ವ ಪಡೆಯುತ್ತದೆ. ಟ್ರಂಪ್ ಅವರ ತೆರಿಗೆ ಕುಣಿತ ಅಂತಿಮವಾಗಿ ಅಮೆರಿಕಕ್ಕೇ ಹಾನಿ ಮಾಡಬಹುದು. ನ್ನು ಹಿಟ್ಲರ್ ವಶಪಡಿಸಿಕೊಂಡ ರೀತಿಯನ್ನು ಯಾರೂ ಮರೆಯಲಾರರು. ಆರ್ಥಿಕ ರಾಷ್ಟ್ರೀಯತೆಯ ಹೆಸರಿನಲ್ಲಿ ವ್ಯಾಪಾರ ಸಂಬಂಧಗಳನ್ನು ಕಡಿದುಕೊಳ್ಳುವುದು ದೀರ್ಘಾವಧಿಯಲ್ಲಿ ಯಾರಿಗೂ ಒಳಿತಲ್ಲ. ಟ್ರಂಪ್ ಅವರ ನಿರ್ಧಾರಗಳು ಜಾಗತಿಕ ಮಾರುಕಟ್ಟೆಯಲ್ಲಿ ಅನಿಶ್ಚಿತತೆ ಸೃಷ್ಟಿಸಿವೆ.
ಭಾರತದ ರಫ್ತುದಾರರು ಹೊಸ ಮಾರುಕಟ್ಟೆಗಳನ್ನು ಹುಡುಕಬೇಕಿದೆ. ಸರಕಾರವು ಇದಕ್ಕೆ ಬೆಂಬಲ ನೀಡುತ್ತಿದೆ. ಆತ್ಮನಿರ್ಭರ ಭಾರತದ ಕಲ್ಪನೆ ಇಂತಹ ಸಂದರ್ಭಗಳಲ್ಲಿ ಇನ್ನಷ್ಟು ಮಹತ್ವ ಪಡೆಯುತ್ತದೆ. ಟ್ರಂಪ್ ಅವರ ತೆರಿಗೆ ಕುಣಿತ ಅಂತಿಮವಾಗಿ ಅಮೆರಿಕಕ್ಕೇ ಹಾನಿ ಮಾಡಬಹುದು. ಮೆರಿಕದ ಅಧ್ಯಕ್ಷ ಡೊನಾಲ್ಡ್ ಟ್ರಂಪ್ ಅವರು ತಮ್ಮ ದೇಶದ ಜನರನ್ನು ಮತ್ತೆ ಶ್ರೇಷ್ಠರನ್ನಾಗಿಸುವ ತಮ್ಮ ಕನಸನ್ನು ನನಸಾಗಿಸಲು ಹೊರಟಿದ್ದಾರೆ. ಇದಕ್ಕಾಗಿ ಅವರು ಆಮದು ಸುಂಕವನ್ನು ಅಸ್ತ್ರವಾಗಿ ಬಳಸುತ್ತಿದ್ದಾರೆ. ವಿಶ್ವದ ಹಲವು ರಾಷ್ಟ್ರಗಳ ಮೇಲೆ ಭಾರಿ ಸುಂಕ ವಿಧಿಸಲಾಗಿದೆ. ನಾಜಿ ಜರ್ಮನಿಯ ಆರ್ಥಿಕ ನೀತಿಗಳ ನೆನಪು ಇದರಿಂದ ಮರುಕಳಿಸುತ್ತಿದೆ.
